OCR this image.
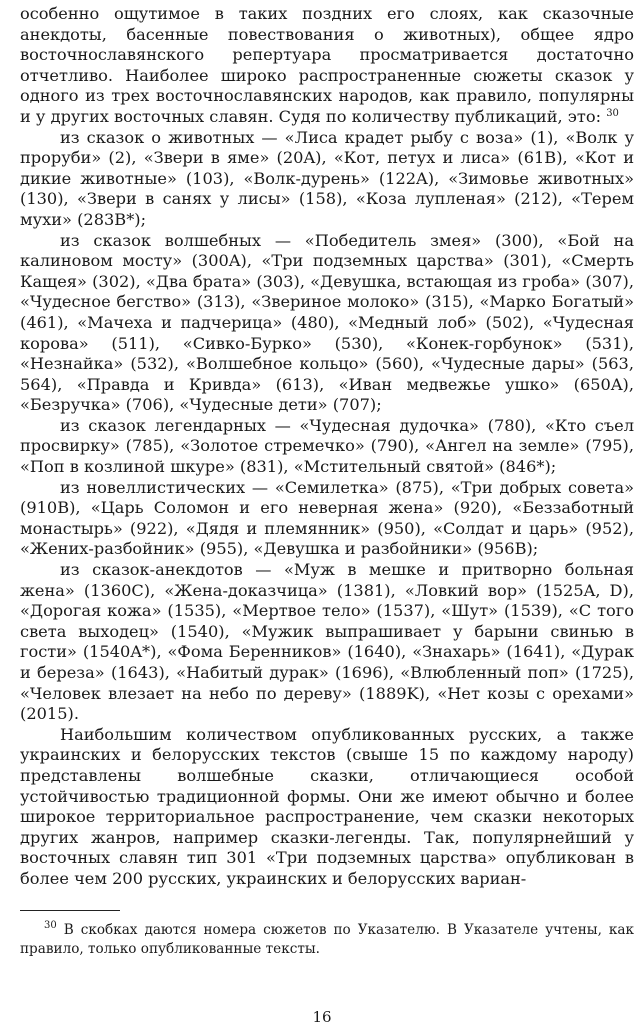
особенно ощутимое в таких поздних его слоях, как сказочные анекдоты, басенные повествования о животных), общее ядро восточнославянского репертуара просматривается достаточно отчетливо. Наиболее широко распространенные сюжеты сказок у одного из трех восточнославянских народов, как правило, популярны и у других восточных славян. Судя по количеству публикаций, это: $^{30}$

из сказок о животных — «Лиса крадет рыбу с воза» (1), «Волк у проруби» (2), «Звери в яме» (20A), «Кот, петух и лиса» (61B), «Кот и дикие животные» (103), «Волк-дурень» (122A), «Зимовье животных» (130), «Звери в санях у лисы» (158), «Коза лупленая» (212), «Терем мухи» (283B*);

из сказок волшебных — «Победитель змея» (300), «Бой на калиновом мосту» (300A), «Три подземных царства» (301), «Смерть Кащея» (302), «Два брата» (303), «Девушка, встающая из гроба» (307), «Чудесное бегство» (313), «Звериное молоко» (315), «Марко Богатый» (461), «Мачеха и падчерица» (480), «Медный лоб» (502), «Чудесная корова» (511), «Сивко-Бурко» (530), «Конек-горбунок» (531), «Незнайка» (532), «Волшебное кольцо» (560), «Чудесные дары» (563, 564), «Правда и Кривда» (613), «Иван медвежье ушко» (650A), «Безручка» (706), «Чудесные дети» (707);

из сказок легендарных — «Чудесная дудочка» (780), «Кто съел просвирку» (785), «Золотое стремечко» (790), «Ангел на земле» (795), «Поп в козлиной шкуре» (831), «Мстительный святой» (846*);

из новеллистических — «Семилетка» (875), «Три добрых совета» (910B), «Царь Соломон и его неверная жена» (920), «Беззаботный монастырь» (922), «Дядя и племянник» (950), «Солдат и царь» (952), «Жених-разбойник» (955), «Девушка и разбойники» (956B);

из сказок-анекдотов — «Муж в мешке и притворно больная жена» (1360C), «Жена-доказчица» (1381), «Ловкий вор» (1525A, D), «Дорогая кожа» (1535), «Мертвое тело» (1537), «Шут» (1539), «С того света выходец» (1540), «Мужик выпрашивает у барыни свинью в гости» (1540A*), «Фома Беренников» (1640), «Знахарь» (1641), «Дурак и береза» (1643), «Набитый дурак» (1696), «Влюбленный поп» (1725), «Человек влезает на небо по дереву» (1889K), «Нет козы с орехами» (2015).

Наибольшим количеством опубликованных русских, а также украинских и белорусских текстов (свыше 15 по каждому народу) представлены волшебные сказки, отличающиеся особой устойчивостью традиционной формы. Они же имеют обычно и более широкое территориальное распространение, чем сказки некоторых других жанров, например сказки-легенды. Так, популярнейший у восточных славян тип 301 «Три подземных царства» опубликован в более чем 200 русских, украинских и белорусских вариан-

$^{30}$ В скобках даются номера сюжетов по Указателю. В Указателе учтены, как правило, только опубликованные тексты.

16
